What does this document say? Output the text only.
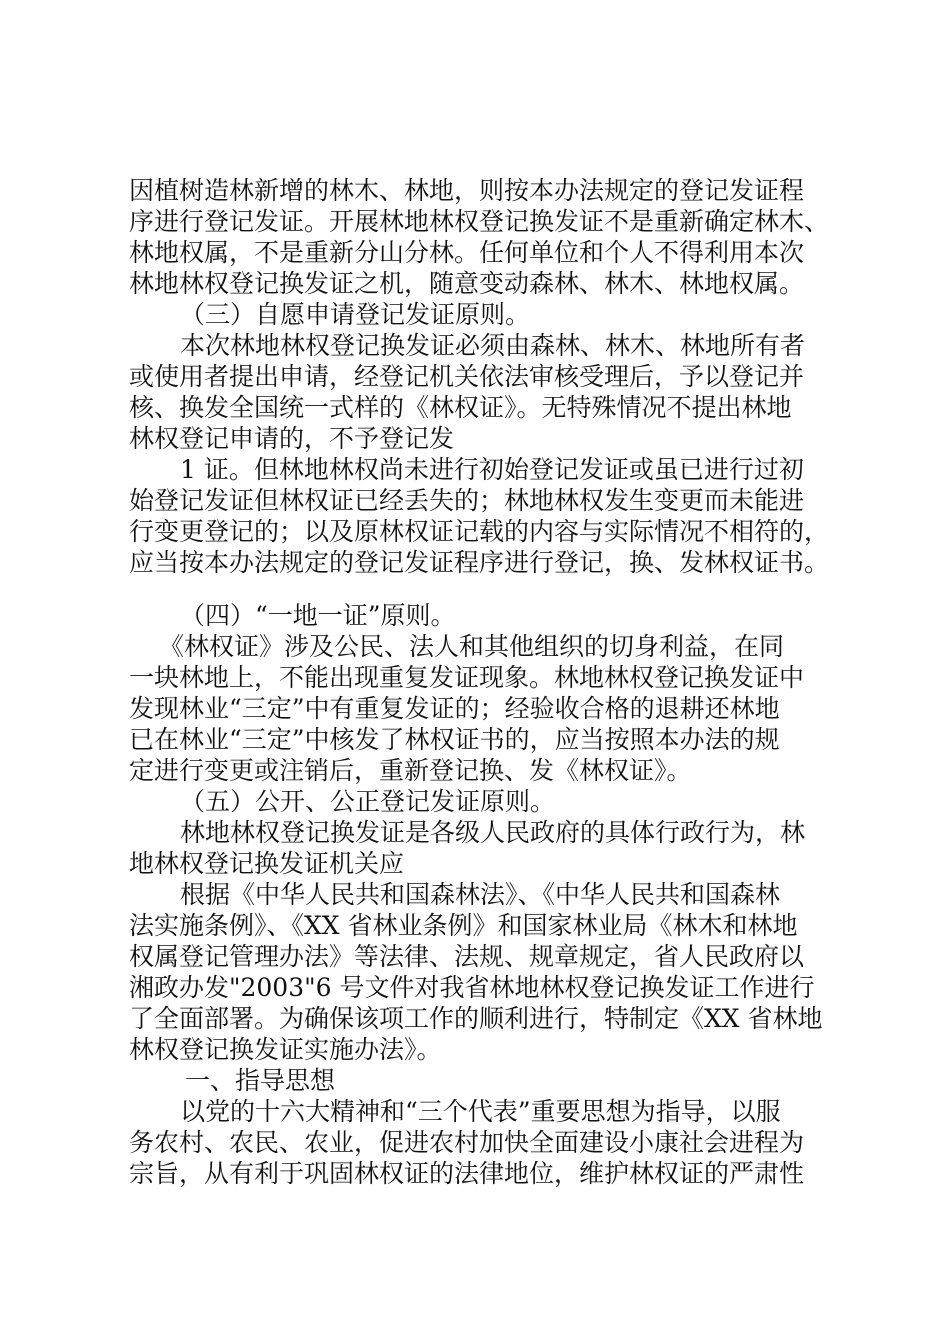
因植树造林新增的林木、林地，则按本办法规定的登记发证程
序进行登记发证。开展林地林权登记换发证不是重新确定林木、
林地权属，不是重新分山分林。任何单位和个人不得利用本次
林地林权登记换发证之机，随意变动森林、林木、林地权属。
（三）自愿申请登记发证原则。
本次林地林权登记换发证必须由森林、林木、林地所有者
或使用者提出申请，经登记机关依法审核受理后，予以登记并
核、换发全国统一式样的《林权证》。无特殊情况不提出林地
林权登记申请的，不予登记发
1 证。但林地林权尚未进行初始登记发证或虽已进行过初
始登记发证但林权证已经丢失的；林地林权发生变更而未能进
行变更登记的；以及原林权证记载的内容与实际情况不相符的，
应当按本办法规定的登记发证程序进行登记，换、发林权证书。
（四）“一地一证”原则。
《林权证》涉及公民、法人和其他组织的切身利益，在同
一块林地上，不能出现重复发证现象。林地林权登记换发证中
发现林业“三定”中有重复发证的；经验收合格的退耕还林地
已在林业“三定”中核发了林权证书的，应当按照本办法的规
定进行变更或注销后，重新登记换、发《林权证》。
（五）公开、公正登记发证原则。
林地林权登记换发证是各级人民政府的具体行政行为，林
地林权登记换发证机关应
根据《中华人民共和国森林法》、《中华人民共和国森林
法实施条例》、《XX 省林业条例》和国家林业局《林木和林地
权属登记管理办法》等法律、法规、规章规定，省人民政府以
湘政办发"2003"6 号文件对我省林地林权登记换发证工作进行
了全面部署。为确保该项工作的顺利进行，特制定《XX 省林地
林权登记换发证实施办法》。
一、指导思想
以党的十六大精神和“三个代表”重要思想为指导，以服
务农村、农民、农业，促进农村加快全面建设小康社会进程为
宗旨，从有利于巩固林权证的法律地位，维护林权证的严肃性
